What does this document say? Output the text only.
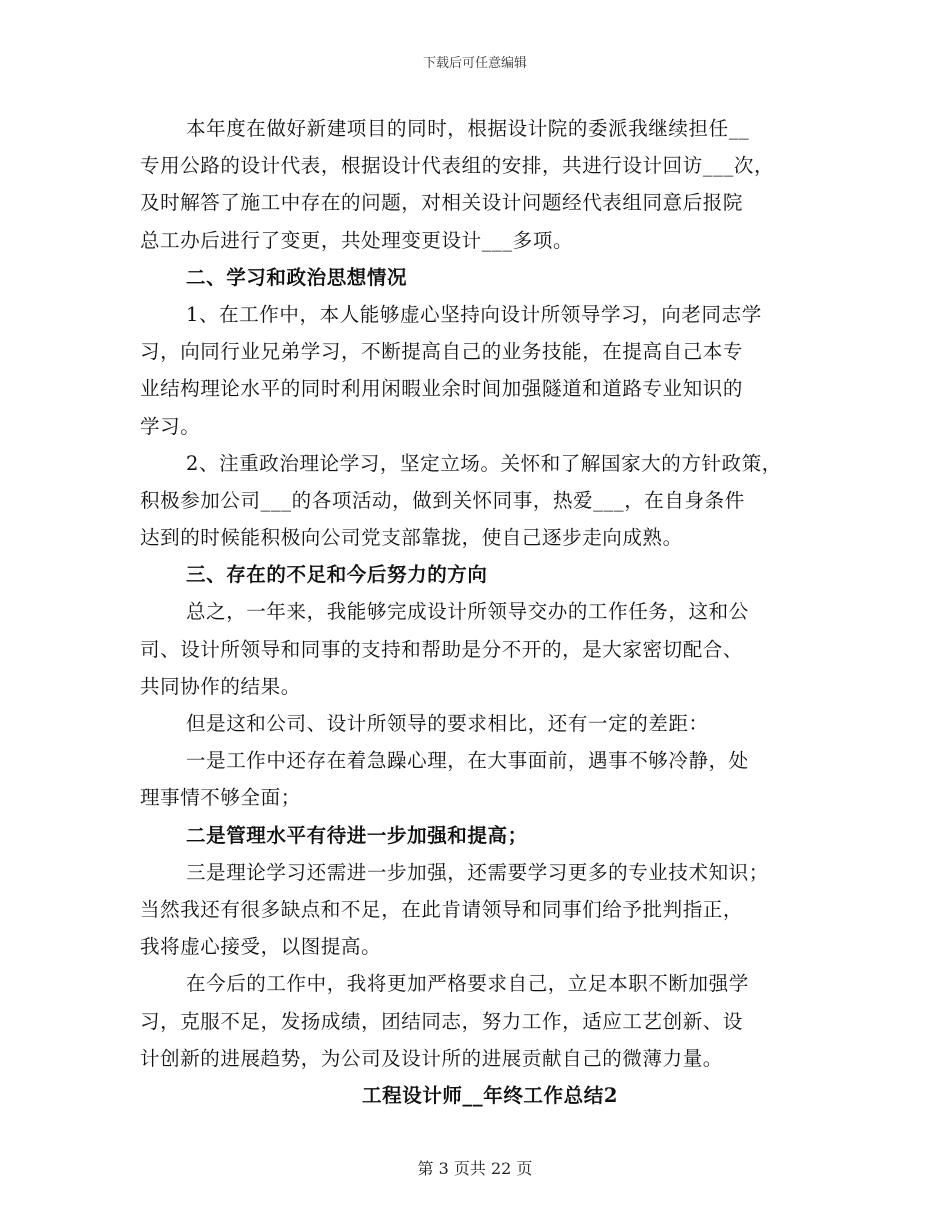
下载后可任意编辑
本年度在做好新建项目的同时，根据设计院的委派我继续担任__
专用公路的设计代表，根据设计代表组的安排，共进行设计回访___次，
及时解答了施工中存在的问题，对相关设计问题经代表组同意后报院
总工办后进行了变更，共处理变更设计___多项。
二、学习和政治思想情况
1、在工作中，本人能够虚心坚持向设计所领导学习，向老同志学
习，向同行业兄弟学习，不断提高自己的业务技能，在提高自己本专
业结构理论水平的同时利用闲暇业余时间加强隧道和道路专业知识的
学习。
2、注重政治理论学习，坚定立场。关怀和了解国家大的方针政策，
积极参加公司___的各项活动，做到关怀同事，热爱___，在自身条件
达到的时候能积极向公司党支部靠拢，使自己逐步走向成熟。
三、存在的不足和今后努力的方向
总之，一年来，我能够完成设计所领导交办的工作任务，这和公
司、设计所领导和同事的支持和帮助是分不开的，是大家密切配合、
共同协作的结果。
但是这和公司、设计所领导的要求相比，还有一定的差距：
一是工作中还存在着急躁心理，在大事面前，遇事不够冷静，处
理事情不够全面；
二是管理水平有待进一步加强和提高；
三是理论学习还需进一步加强，还需要学习更多的专业技术知识；
当然我还有很多缺点和不足，在此肯请领导和同事们给予批判指正，
我将虚心接受，以图提高。
在今后的工作中，我将更加严格要求自己，立足本职不断加强学
习，克服不足，发扬成绩，团结同志，努力工作，适应工艺创新、设
计创新的进展趋势，为公司及设计所的进展贡献自己的微薄力量。
工程设计师__年终工作总结2
第 3 页共 22 页
